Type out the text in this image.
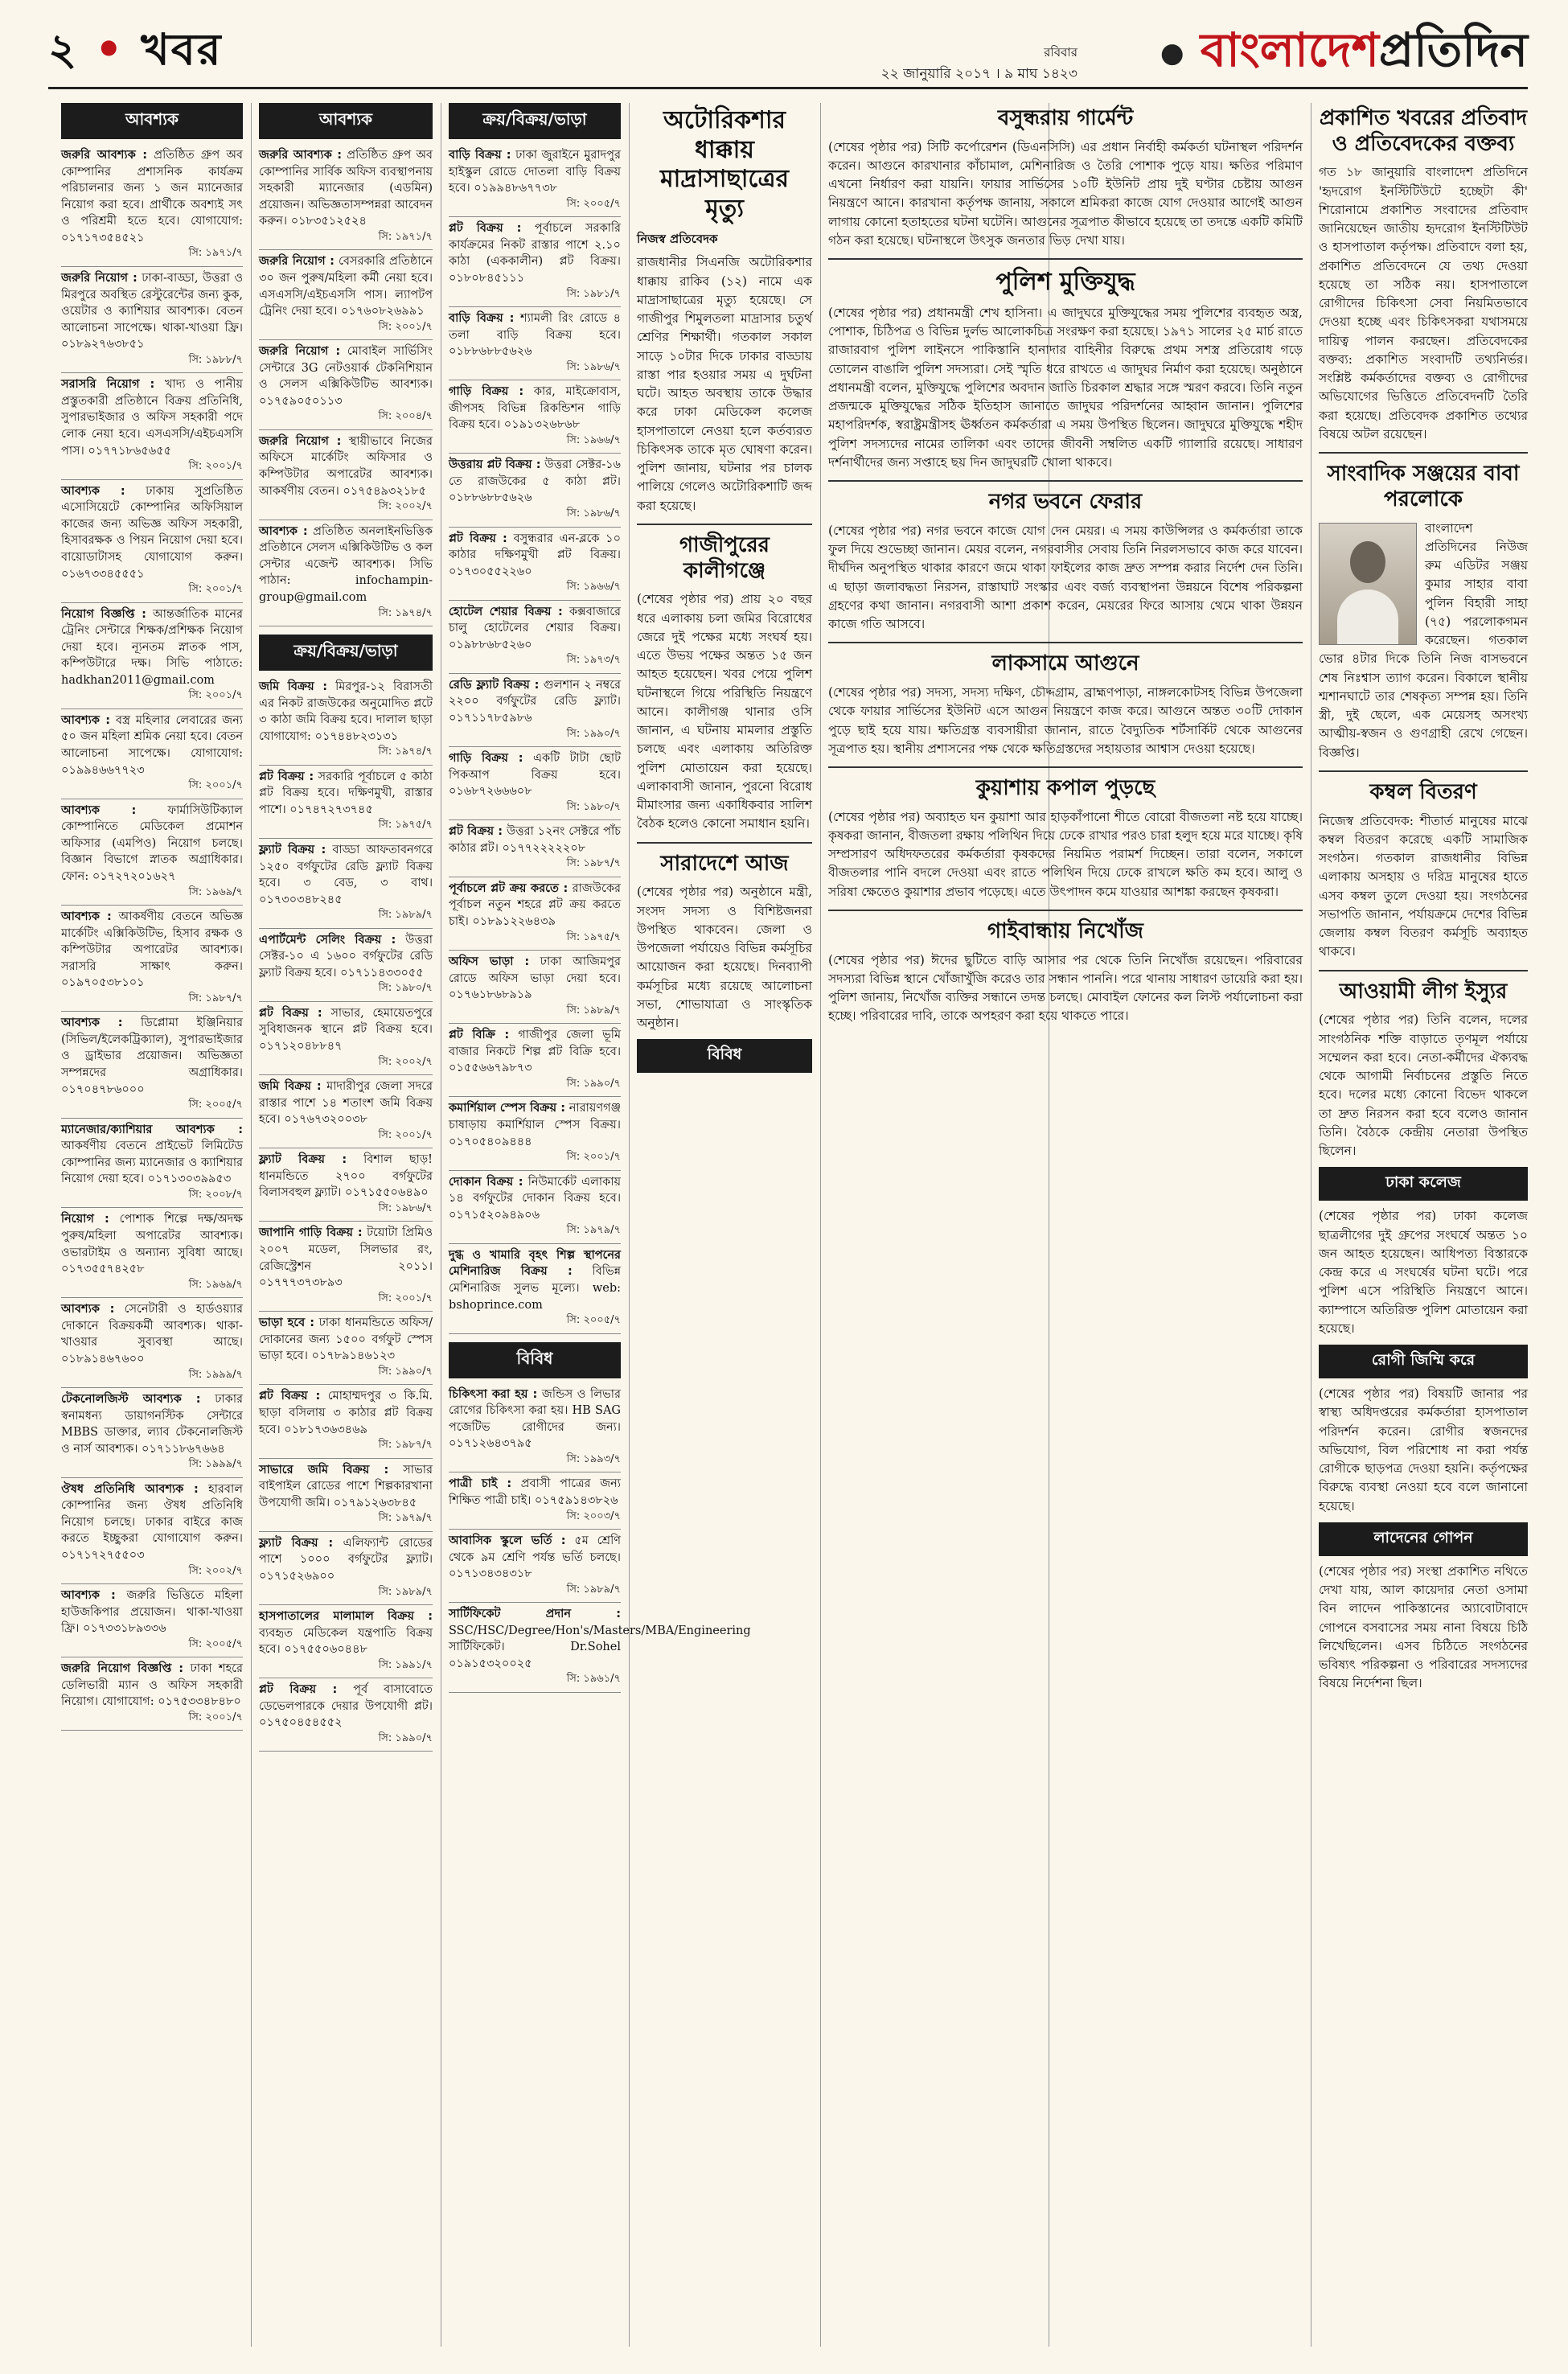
২ • খবর	রবিবার
২২ জানুয়ারি ২০১৭ । ৯ মাঘ ১৪২৩
● বাংলাদেশপ্রতিদিন
আবশ্যক
জরুরি আবশ্যক : প্রতিষ্ঠিত গ্রুপ অব কোম্পানির প্রশাসনিক কার্যক্রম পরিচালনার জন্য ১ জন ম্যানেজার নিয়োগ করা হবে। প্রার্থীকে অবশ্যই সৎ ও পরিশ্রমী হতে হবে। যোগাযোগ: ০১৭১৭৩৫৪৫২১

সি: ১৯৭১/৭
জরুরি নিয়োগ : ঢাকা-বাড্ডা, উত্তরা ও মিরপুরে অবস্থিত রেস্টুরেন্টের জন্য কুক, ওয়েটার ও ক্যাশিয়ার আবশ্যক। বেতন আলোচনা সাপেক্ষে। থাকা-খাওয়া ফ্রি। ০১৮৯২৭৬৩৮৫১

সি: ১৯৮৮/৭
সরাসরি নিয়োগ : খাদ্য ও পানীয় প্রস্তুতকারী প্রতিষ্ঠানে বিক্রয় প্রতিনিধি, সুপারভাইজার ও অফিস সহকারী পদে লোক নেয়া হবে। এসএসসি/এইচএসসি পাস। ০১৭৭১৮৬৫৬৫৫

সি: ২০০১/৭
আবশ্যক : ঢাকায় সুপ্রতিষ্ঠিত এসোসিয়েটে কোম্পানির অফিসিয়াল কাজের জন্য অভিজ্ঞ অফিস সহকারী, হিসাবরক্ষক ও পিয়ন নিয়োগ দেয়া হবে। বায়োডাটাসহ যোগাযোগ করুন। ০১৬৭৩৩৪৫৫৫১

সি: ২০০১/৭
নিয়োগ বিজ্ঞপ্তি : আন্তর্জাতিক মানের ট্রেনিং সেন্টারে শিক্ষক/প্রশিক্ষক নিয়োগ দেয়া হবে। ন্যূনতম স্নাতক পাস, কম্পিউটারে দক্ষ। সিভি পাঠাতে: hadkhan2011@gmail.com

সি: ২০০১/৭
আবশ্যক : বস্ত্র মহিলার লেবারের জন্য ৫০ জন মহিলা শ্রমিক নেয়া হবে। বেতন আলোচনা সাপেক্ষে। যোগাযোগ: ০১৯৯৪৬৬৭৭২৩

সি: ২০০১/৭
আবশ্যক : ফার্মাসিউটিক্যাল কোম্পানিতে মেডিকেল প্রমোশন অফিসার (এমপিও) নিয়োগ চলছে। বিজ্ঞান বিভাগে স্নাতক অগ্রাধিকার। ফোন: ০১৭২৭২০১৬২৭

সি: ১৯৬৯/৭
আবশ্যক : আকর্ষণীয় বেতনে অভিজ্ঞ মার্কেটিং এক্সিকিউটিভ, হিসাব রক্ষক ও কম্পিউটার অপারেটর আবশ্যক। সরাসরি সাক্ষাৎ করুন। ০১৯৭০৫৩৮১০১

সি: ১৯৮৭/৭
আবশ্যক : ডিপ্লোমা ইঞ্জিনিয়ার (সিভিল/ইলেকট্রিক্যাল), সুপারভাইজার ও ড্রাইভার প্রয়োজন। অভিজ্ঞতা সম্পন্নদের অগ্রাধিকার। ০১৭০৪৭৮৬০০০

সি: ২০০৫/৭
ম্যানেজার/ক্যাশিয়ার আবশ্যক : আকর্ষণীয় বেতনে প্রাইভেট লিমিটেড কোম্পানির জন্য ম্যানেজার ও ক্যাশিয়ার নিয়োগ দেয়া হবে। ০১৭১৩০৩৯৯৫৩

সি: ২০০৮/৭
নিয়োগ : পোশাক শিল্পে দক্ষ/অদক্ষ পুরুষ/মহিলা অপারেটর আবশ্যক। ওভারটাইম ও অন্যান্য সুবিধা আছে। ০১৭৩৫৫৭৪২৫৮

সি: ১৯৬৯/৭
আবশ্যক : সেনেটারী ও হার্ডওয়্যার দোকানে বিক্রয়কর্মী আবশ্যক। থাকা-খাওয়ার সুব্যবস্থা আছে। ০১৮৯১৪৬৭৬০০

সি: ১৯৯৯/৭
টেকনোলজিস্ট আবশ্যক : ঢাকার স্বনামধন্য ডায়াগনস্টিক সেন্টারে MBBS ডাক্তার, ল্যাব টেকনোলজিস্ট ও নার্স আবশ্যক। ০১৭১১৮৬৭৬৬৪

সি: ১৯৯৯/৭
ঔষধ প্রতিনিধি আবশ্যক : হারবাল কোম্পানির জন্য ঔষধ প্রতিনিধি নিয়োগ চলছে। ঢাকার বাইরে কাজ করতে ইচ্ছুকরা যোগাযোগ করুন। ০১৭১৭২৭৫৫০৩

সি: ২০০২/৭
আবশ্যক : জরুরি ভিত্তিতে মহিলা হাউজকিপার প্রয়োজন। থাকা-খাওয়া ফ্রি। ০১৭৩৩১৮৯৩৩৬

সি: ২০০৫/৭
জরুরি নিয়োগ বিজ্ঞপ্তি : ঢাকা শহরে ডেলিভারী ম্যান ও অফিস সহকারী নিয়োগ। যোগাযোগ: ০১৭৫৩৩৪৮৪৮০

সি: ২০০১/৭
আবশ্যক
জরুরি আবশ্যক : প্রতিষ্ঠিত গ্রুপ অব কোম্পানির সার্বিক অফিস ব্যবস্থাপনায় সহকারী ম্যানেজার (এডমিন) প্রয়োজন। অভিজ্ঞতাসম্পন্নরা আবেদন করুন। ০১৮৩৫১২৫২৪

সি: ১৯৭১/৭
জরুরি নিয়োগ : বেসরকারি প্রতিষ্ঠানে ৩০ জন পুরুষ/মহিলা কর্মী নেয়া হবে। এসএসসি/এইচএসসি পাস। ল্যাপটপ ট্রেনিং দেয়া হবে। ০১৭৬০৮২৬৯৯১

সি: ২০০১/৭
জরুরি নিয়োগ : মোবাইল সার্ভিসিং সেন্টারে 3G নেটওয়ার্ক টেকনিশিয়ান ও সেলস এক্সিকিউটিভ আবশ্যক। ০১৭৫৯০৫০১১৩

সি: ২০০৪/৭
জরুরি নিয়োগ : স্থায়ীভাবে নিজের অফিসে মার্কেটিং অফিসার ও কম্পিউটার অপারেটর আবশ্যক। আকর্ষণীয় বেতন। ০১৭৫৪৯৩২১৮৫

সি: ২০০২/৭
আবশ্যক : প্রতিষ্ঠিত অনলাইনভিত্তিক প্রতিষ্ঠানে সেলস এক্সিকিউটিভ ও কল সেন্টার এজেন্ট আবশ্যক। সিভি পাঠান: infochampin-group@gmail.com

সি: ১৯৭৪/৭
ক্রয়/বিক্রয়/ভাড়া
জমি বিক্রয় : মিরপুর-১২ বিরাসতী এর নিকট রাজউকের অনুমোদিত প্লটে ৩ কাঠা জমি বিক্রয় হবে। দালাল ছাড়া যোগাযোগ: ০১৭৪৪৮২৩১৩১

সি: ১৯৭৪/৭
প্লট বিক্রয় : সরকারি পূর্বাচলে ৫ কাঠা প্লট বিক্রয় হবে। দক্ষিণমুখী, রাস্তার পাশে। ০১৭৪৭২৭৩৭৪৫

সি: ১৯৭৫/৭
ফ্ল্যাট বিক্রয় : বাড্ডা আফতাবনগরে ১২৫০ বর্গফুটের রেডি ফ্ল্যাট বিক্রয় হবে। ৩ বেড, ৩ বাথ। ০১৭৩০৩৪৮২৪৫

সি: ১৯৮৯/৭
এপার্টমেন্ট সেলিং বিক্রয় : উত্তরা সেক্টর-১০ এ ১৬০০ বর্গফুটের রেডি ফ্ল্যাট বিক্রয় হবে। ০১৭১১৪৩৩০৫৫

সি: ১৯৮০/৭
প্লট বিক্রয় : সাভার, হেমায়েতপুরে সুবিধাজনক স্থানে প্লট বিক্রয় হবে। ০১৭১২০৪৮৮৪৭

সি: ২০০২/৭
জমি বিক্রয় : মাদারীপুর জেলা সদরে রাস্তার পাশে ১৪ শতাংশ জমি বিক্রয় হবে। ০১৭৬৭৩২০০৩৮

সি: ২০০১/৭
ফ্ল্যাট বিক্রয় : বিশাল ছাড়! ধানমন্ডিতে ২৭০০ বর্গফুটের বিলাসবহুল ফ্ল্যাট। ০১৭১৫৫০৬৪৯০

সি: ১৯৮৬/৭
জাপানি গাড়ি বিক্রয় : টয়োটা প্রিমিও ২০০৭ মডেল, সিলভার রং, রেজিস্ট্রেশন ২০১১। ০১৭৭৭৩৭৩৮৯৩

সি: ২০০১/৭
ভাড়া হবে : ঢাকা ধানমন্ডিতে অফিস/দোকানের জন্য ১৫০০ বর্গফুট স্পেস ভাড়া হবে। ০১৭৮৯১৪৬১২৩

সি: ১৯৯০/৭
প্লট বিক্রয় : মোহাম্মদপুর ৩ কি.মি. ছাড়া বসিলায় ৩ কাঠার প্লট বিক্রয় হবে। ০১৮১৭৩৬৩৪৬৯

সি: ১৯৮৭/৭
সাভারে জমি বিক্রয় : সাভার বাইপাইল রোডের পাশে শিল্পকারখানা উপযোগী জমি। ০১৭৯১২৬৩৮৪৫

সি: ১৯৭৯/৭
ফ্ল্যাট বিক্রয় : এলিফ্যান্ট রোডের পাশে ১০০০ বর্গফুটের ফ্ল্যাট। ০১৭১৫২৬৯০০

সি: ১৯৮৯/৭
হাসপাতালের মালামাল বিক্রয় : ব্যবহৃত মেডিকেল যন্ত্রপাতি বিক্রয় হবে। ০১৭৫৫০৬০৪৪৮

সি: ১৯৯১/৭
প্লট বিক্রয় : পূর্ব বাসাবোতে ডেভেলপারকে দেয়ার উপযোগী প্লট। ০১৭৫০৪৫৪৫৫২

সি: ১৯৯০/৭
ক্রয়/বিক্রয়/ভাড়া
বাড়ি বিক্রয় : ঢাকা জুরাইনে মুরাদপুর হাইস্কুল রোডে দোতলা বাড়ি বিক্রয় হবে। ০১৯৯৪৮৬৭৭৩৮

সি: ২০০৫/৭
প্লট বিক্রয় : পূর্বাচলে সরকারি কার্যক্রমের নিকট রাস্তার পাশে ২.১০ কাঠা (এককালীন) প্লট বিক্রয়। ০১৮০৮৪৫১১১

সি: ১৯৮১/৭
বাড়ি বিক্রয় : শ্যামলী রিং রোডে ৪ তলা বাড়ি বিক্রয় হবে। ০১৮৮৬৮৮৫৬২৬

সি: ১৯৮৬/৭
গাড়ি বিক্রয় : কার, মাইক্রোবাস, জীপসহ বিভিন্ন রিকন্ডিশন গাড়ি বিক্রয় হবে। ০১৯১৩২৬৮৬৮

সি: ১৯৬৬/৭
উত্তরায় প্লট বিক্রয় : উত্তরা সেক্টর-১৬ তে রাজউকের ৫ কাঠা প্লট। ০১৮৮৬৮৮৫৬২৬

সি: ১৯৮৬/৭
প্লট বিক্রয় : বসুন্ধরার এন-ব্লকে ১০ কাঠার দক্ষিণমুখী প্লট বিক্রয়। ০১৭৩০৫৫২২৬০

সি: ১৯৬৬/৭
হোটেল শেয়ার বিক্রয় : কক্সবাজারে চালু হোটেলের শেয়ার বিক্রয়। ০১৯৮৮৬৮৫২৬০

সি: ১৯৭৩/৭
রেডি ফ্ল্যাট বিক্রয় : গুলশান ২ নম্বরে ২২০০ বর্গফুটের রেডি ফ্ল্যাট। ০১৭১১৭৮৫৯৮৬

সি: ১৯৯০/৭
গাড়ি বিক্রয় : একটি টাটা ছোট পিকআপ বিক্রয় হবে। ০১৬৮৭২৬৬৬০৮

সি: ১৯৮০/৭
প্লট বিক্রয় : উত্তরা ১২নং সেক্টরে পাঁচ কাঠার প্লট। ০১৭৭২২২২২০৮

সি: ১৯৮৭/৭
পূর্বাচলে প্লট ক্রয় করতে : রাজউকের পূর্বাচল নতুন শহরে প্লট ক্রয় করতে চাই। ০১৮৯১২২৬৪৩৯

সি: ১৯৭৫/৭
অফিস ভাড়া : ঢাকা আজিমপুর রোডে অফিস ভাড়া দেয়া হবে। ০১৭৬১৮৬৮৯১৯

সি: ১৯৮৯/৭
প্লট বিক্রি : গাজীপুর জেলা ভূমি বাজার নিকটে শিল্প প্লট বিক্রি হবে। ০১৫৫৬৬৭৯৮৭৩

সি: ১৯৯০/৭
কমার্শিয়াল স্পেস বিক্রয় : নারায়ণগঞ্জ চাষাড়ায় কমার্শিয়াল স্পেস বিক্রয়। ০১৭০৫৪০৯৪৪৪

সি: ২০০১/৭
দোকান বিক্রয় : নিউমার্কেট এলাকায় ১৪ বর্গফুটের দোকান বিক্রয় হবে। ০১৭১৫২০৯৪৯০৬

সি: ১৯৭৯/৭
দুগ্ধ ও খামারি বৃহৎ শিল্প স্থাপনের মেশিনারিজ বিক্রয় : বিভিন্ন মেশিনারিজ সুলভ মূল্যে। web: bshoprince.com

সি: ২০০৫/৭
বিবিধ
চিকিৎসা করা হয় : জন্ডিস ও লিভার রোগের চিকিৎসা করা হয়। HB SAG পজেটিভ রোগীদের জন্য। ০১৭১২৬৪৩৭৯৫

সি: ১৯৯৩/৭
পাত্রী চাই : প্রবাসী পাত্রের জন্য শিক্ষিত পাত্রী চাই। ০১৭৫৯১৪৩৮২৬

সি: ২০০৩/৭
আবাসিক স্কুলে ভর্তি : ৫ম শ্রেণি থেকে ৯ম শ্রেণি পর্যন্ত ভর্তি চলছে। ০১৭১৩৪৩৪৩১৮

সি: ১৯৮৯/৭
সার্টিফিকেট প্রদান : SSC/HSC/Degree/Hon's/Masters/MBA/Engineering সার্টিফিকেট। Dr.Sohel ০১৯১৫৩২০০২৫

সি: ১৯৬১/৭
অটোরিকশার ধাক্কায় মাদ্রাসাছাত্রের মৃত্যু
নিজস্ব প্রতিবেদক
রাজধানীর সিএনজি অটোরিকশার ধাক্কায় রাকিব (১২) নামে এক মাদ্রাসাছাত্রের মৃত্যু হয়েছে। সে গাজীপুর শিমুলতলা মাদ্রাসার চতুর্থ শ্রেণির শিক্ষার্থী। গতকাল সকাল সাড়ে ১০টার দিকে ঢাকার বাড্ডায় রাস্তা পার হওয়ার সময় এ দুর্ঘটনা ঘটে। আহত অবস্থায় তাকে উদ্ধার করে ঢাকা মেডিকেল কলেজ হাসপাতালে নেওয়া হলে কর্তব্যরত চিকিৎসক তাকে মৃত ঘোষণা করেন। পুলিশ জানায়, ঘটনার পর চালক পালিয়ে গেলেও অটোরিকশাটি জব্দ করা হয়েছে।
গাজীপুরের কালীগঞ্জে
(শেষের পৃষ্ঠার পর) প্রায় ২০ বছর ধরে এলাকায় চলা জমির বিরোধের জেরে দুই পক্ষের মধ্যে সংঘর্ষ হয়। এতে উভয় পক্ষের অন্তত ১৫ জন আহত হয়েছেন। খবর পেয়ে পুলিশ ঘটনাস্থলে গিয়ে পরিস্থিতি নিয়ন্ত্রণে আনে। কালীগঞ্জ থানার ওসি জানান, এ ঘটনায় মামলার প্রস্তুতি চলছে এবং এলাকায় অতিরিক্ত পুলিশ মোতায়েন করা হয়েছে। এলাকাবাসী জানান, পুরনো বিরোধ মীমাংসার জন্য একাধিকবার সালিশ বৈঠক হলেও কোনো সমাধান হয়নি।
সারাদেশে আজ
(শেষের পৃষ্ঠার পর) অনুষ্ঠানে মন্ত্রী, সংসদ সদস্য ও বিশিষ্টজনরা উপস্থিত থাকবেন। জেলা ও উপজেলা পর্যায়েও বিভিন্ন কর্মসূচির আয়োজন করা হয়েছে। দিনব্যাপী কর্মসূচির মধ্যে রয়েছে আলোচনা সভা, শোভাযাত্রা ও সাংস্কৃতিক অনুষ্ঠান।
বিবিধ
বসুন্ধরায় গার্মেন্ট
(শেষের পৃষ্ঠার পর) সিটি কর্পোরেশন (ডিএনসিসি) এর প্রধান নির্বাহী কর্মকর্তা ঘটনাস্থল পরিদর্শন করেন। আগুনে কারখানার কাঁচামাল, মেশিনারিজ ও তৈরি পোশাক পুড়ে যায়। ক্ষতির পরিমাণ এখনো নির্ধারণ করা যায়নি। ফায়ার সার্ভিসের ১০টি ইউনিট প্রায় দুই ঘণ্টার চেষ্টায় আগুন নিয়ন্ত্রণে আনে। কারখানা কর্তৃপক্ষ জানায়, সকালে শ্রমিকরা কাজে যোগ দেওয়ার আগেই আগুন লাগায় কোনো হতাহতের ঘটনা ঘটেনি। আগুনের সূত্রপাত কীভাবে হয়েছে তা তদন্তে একটি কমিটি গঠন করা হয়েছে। ঘটনাস্থলে উৎসুক জনতার ভিড় দেখা যায়।
পুলিশ মুক্তিযুদ্ধ
(শেষের পৃষ্ঠার পর) প্রধানমন্ত্রী শেখ হাসিনা। এ জাদুঘরে মুক্তিযুদ্ধের সময় পুলিশের ব্যবহৃত অস্ত্র, পোশাক, চিঠিপত্র ও বিভিন্ন দুর্লভ আলোকচিত্র সংরক্ষণ করা হয়েছে। ১৯৭১ সালের ২৫ মার্চ রাতে রাজারবাগ পুলিশ লাইনসে পাকিস্তানি হানাদার বাহিনীর বিরুদ্ধে প্রথম সশস্ত্র প্রতিরোধ গড়ে তোলেন বাঙালি পুলিশ সদস্যরা। সেই স্মৃতি ধরে রাখতে এ জাদুঘর নির্মাণ করা হয়েছে। অনুষ্ঠানে প্রধানমন্ত্রী বলেন, মুক্তিযুদ্ধে পুলিশের অবদান জাতি চিরকাল শ্রদ্ধার সঙ্গে স্মরণ করবে। তিনি নতুন প্রজন্মকে মুক্তিযুদ্ধের সঠিক ইতিহাস জানাতে জাদুঘর পরিদর্শনের আহ্বান জানান। পুলিশের মহাপরিদর্শক, স্বরাষ্ট্রমন্ত্রীসহ ঊর্ধ্বতন কর্মকর্তারা এ সময় উপস্থিত ছিলেন। জাদুঘরে মুক্তিযুদ্ধে শহীদ পুলিশ সদস্যদের নামের তালিকা এবং তাদের জীবনী সম্বলিত একটি গ্যালারি রয়েছে। সাধারণ দর্শনার্থীদের জন্য সপ্তাহে ছয় দিন জাদুঘরটি খোলা থাকবে।
নগর ভবনে ফেরার
(শেষের পৃষ্ঠার পর) নগর ভবনে কাজে যোগ দেন মেয়র। এ সময় কাউন্সিলর ও কর্মকর্তারা তাকে ফুল দিয়ে শুভেচ্ছা জানান। মেয়র বলেন, নগরবাসীর সেবায় তিনি নিরলসভাবে কাজ করে যাবেন। দীর্ঘদিন অনুপস্থিত থাকার কারণে জমে থাকা ফাইলের কাজ দ্রুত সম্পন্ন করার নির্দেশ দেন তিনি। এ ছাড়া জলাবদ্ধতা নিরসন, রাস্তাঘাট সংস্কার এবং বর্জ্য ব্যবস্থাপনা উন্নয়নে বিশেষ পরিকল্পনা গ্রহণের কথা জানান। নগরবাসী আশা প্রকাশ করেন, মেয়রের ফিরে আসায় থেমে থাকা উন্নয়ন কাজে গতি আসবে।
লাকসামে আগুনে
(শেষের পৃষ্ঠার পর) সদস্য, সদস্য দক্ষিণ, চৌদ্দগ্রাম, ব্রাহ্মণপাড়া, নাঙ্গলকোটসহ বিভিন্ন উপজেলা থেকে ফায়ার সার্ভিসের ইউনিট এসে আগুন নিয়ন্ত্রণে কাজ করে। আগুনে অন্তত ৩০টি দোকান পুড়ে ছাই হয়ে যায়। ক্ষতিগ্রস্ত ব্যবসায়ীরা জানান, রাতে বৈদ্যুতিক শর্টসার্কিট থেকে আগুনের সূত্রপাত হয়। স্থানীয় প্রশাসনের পক্ষ থেকে ক্ষতিগ্রস্তদের সহায়তার আশ্বাস দেওয়া হয়েছে।
কুয়াশায় কপাল পুড়ছে
(শেষের পৃষ্ঠার পর) অব্যাহত ঘন কুয়াশা আর হাড়কাঁপানো শীতে বোরো বীজতলা নষ্ট হয়ে যাচ্ছে। কৃষকরা জানান, বীজতলা রক্ষায় পলিথিন দিয়ে ঢেকে রাখার পরও চারা হলুদ হয়ে মরে যাচ্ছে। কৃষি সম্প্রসারণ অধিদফতরের কর্মকর্তারা কৃষকদের নিয়মিত পরামর্শ দিচ্ছেন। তারা বলেন, সকালে বীজতলার পানি বদলে দেওয়া এবং রাতে পলিথিন দিয়ে ঢেকে রাখলে ক্ষতি কম হবে। আলু ও সরিষা ক্ষেতেও কুয়াশার প্রভাব পড়েছে। এতে উৎপাদন কমে যাওয়ার আশঙ্কা করছেন কৃষকরা।
গাইবান্ধায় নিখোঁজ
(শেষের পৃষ্ঠার পর) ঈদের ছুটিতে বাড়ি আসার পর থেকে তিনি নিখোঁজ রয়েছেন। পরিবারের সদস্যরা বিভিন্ন স্থানে খোঁজাখুঁজি করেও তার সন্ধান পাননি। পরে থানায় সাধারণ ডায়েরি করা হয়। পুলিশ জানায়, নিখোঁজ ব্যক্তির সন্ধানে তদন্ত চলছে। মোবাইল ফোনের কল লিস্ট পর্যালোচনা করা হচ্ছে। পরিবারের দাবি, তাকে অপহরণ করা হয়ে থাকতে পারে।
প্রকাশিত খবরের প্রতিবাদ ও প্রতিবেদকের বক্তব্য
গত ১৮ জানুয়ারি বাংলাদেশ প্রতিদিনে 'হৃদরোগ ইনস্টিটিউটে হচ্ছেটা কী' শিরোনামে প্রকাশিত সংবাদের প্রতিবাদ জানিয়েছেন জাতীয় হৃদরোগ ইনস্টিটিউট ও হাসপাতাল কর্তৃপক্ষ। প্রতিবাদে বলা হয়, প্রকাশিত প্রতিবেদনে যে তথ্য দেওয়া হয়েছে তা সঠিক নয়। হাসপাতালে রোগীদের চিকিৎসা সেবা নিয়মিতভাবে দেওয়া হচ্ছে এবং চিকিৎসকরা যথাসময়ে দায়িত্ব পালন করছেন। প্রতিবেদকের বক্তব্য: প্রকাশিত সংবাদটি তথ্যনির্ভর। সংশ্লিষ্ট কর্মকর্তাদের বক্তব্য ও রোগীদের অভিযোগের ভিত্তিতে প্রতিবেদনটি তৈরি করা হয়েছে। প্রতিবেদক প্রকাশিত তথ্যের বিষয়ে অটল রয়েছেন।
সাংবাদিক সঞ্জয়ের বাবা পরলোকে
বাংলাদেশ প্রতিদিনের নিউজ রুম এডিটর সঞ্জয় কুমার সাহার বাবা পুলিন বিহারী সাহা (৭৫) পরলোকগমন করেছেন। গতকাল ভোর ৪টার দিকে তিনি নিজ বাসভবনে শেষ নিঃশ্বাস ত্যাগ করেন। বিকালে স্থানীয় শ্মশানঘাটে তার শেষকৃত্য সম্পন্ন হয়। তিনি স্ত্রী, দুই ছেলে, এক মেয়েসহ অসংখ্য আত্মীয়-স্বজন ও গুণগ্রাহী রেখে গেছেন। বিজ্ঞপ্তি।
কম্বল বিতরণ
নিজেস্ব প্রতিবেদক: শীতার্ত মানুষের মাঝে কম্বল বিতরণ করেছে একটি সামাজিক সংগঠন। গতকাল রাজধানীর বিভিন্ন এলাকায় অসহায় ও দরিদ্র মানুষের হাতে এসব কম্বল তুলে দেওয়া হয়। সংগঠনের সভাপতি জানান, পর্যায়ক্রমে দেশের বিভিন্ন জেলায় কম্বল বিতরণ কর্মসূচি অব্যাহত থাকবে।
আওয়ামী লীগ ইস্যুর
(শেষের পৃষ্ঠার পর) তিনি বলেন, দলের সাংগঠনিক শক্তি বাড়াতে তৃণমূল পর্যায়ে সম্মেলন করা হবে। নেতা-কর্মীদের ঐক্যবদ্ধ থেকে আগামী নির্বাচনের প্রস্তুতি নিতে হবে। দলের মধ্যে কোনো বিভেদ থাকলে তা দ্রুত নিরসন করা হবে বলেও জানান তিনি। বৈঠকে কেন্দ্রীয় নেতারা উপস্থিত ছিলেন।
ঢাকা কলেজ
(শেষের পৃষ্ঠার পর) ঢাকা কলেজ ছাত্রলীগের দুই গ্রুপের সংঘর্ষে অন্তত ১০ জন আহত হয়েছেন। আধিপত্য বিস্তারকে কেন্দ্র করে এ সংঘর্ষের ঘটনা ঘটে। পরে পুলিশ এসে পরিস্থিতি নিয়ন্ত্রণে আনে। ক্যাম্পাসে অতিরিক্ত পুলিশ মোতায়েন করা হয়েছে।
রোগী জিম্মি করে
(শেষের পৃষ্ঠার পর) বিষয়টি জানার পর স্বাস্থ্য অধিদপ্তরের কর্মকর্তারা হাসপাতাল পরিদর্শন করেন। রোগীর স্বজনদের অভিযোগ, বিল পরিশোধ না করা পর্যন্ত রোগীকে ছাড়পত্র দেওয়া হয়নি। কর্তৃপক্ষের বিরুদ্ধে ব্যবস্থা নেওয়া হবে বলে জানানো হয়েছে।
লাদেনের গোপন
(শেষের পৃষ্ঠার পর) সংস্থা প্রকাশিত নথিতে দেখা যায়, আল কায়েদার নেতা ওসামা বিন লাদেন পাকিস্তানের অ্যাবোটাবাদে গোপনে বসবাসের সময় নানা বিষয়ে চিঠি লিখেছিলেন। এসব চিঠিতে সংগঠনের ভবিষ্যৎ পরিকল্পনা ও পরিবারের সদস্যদের বিষয়ে নির্দেশনা ছিল।
